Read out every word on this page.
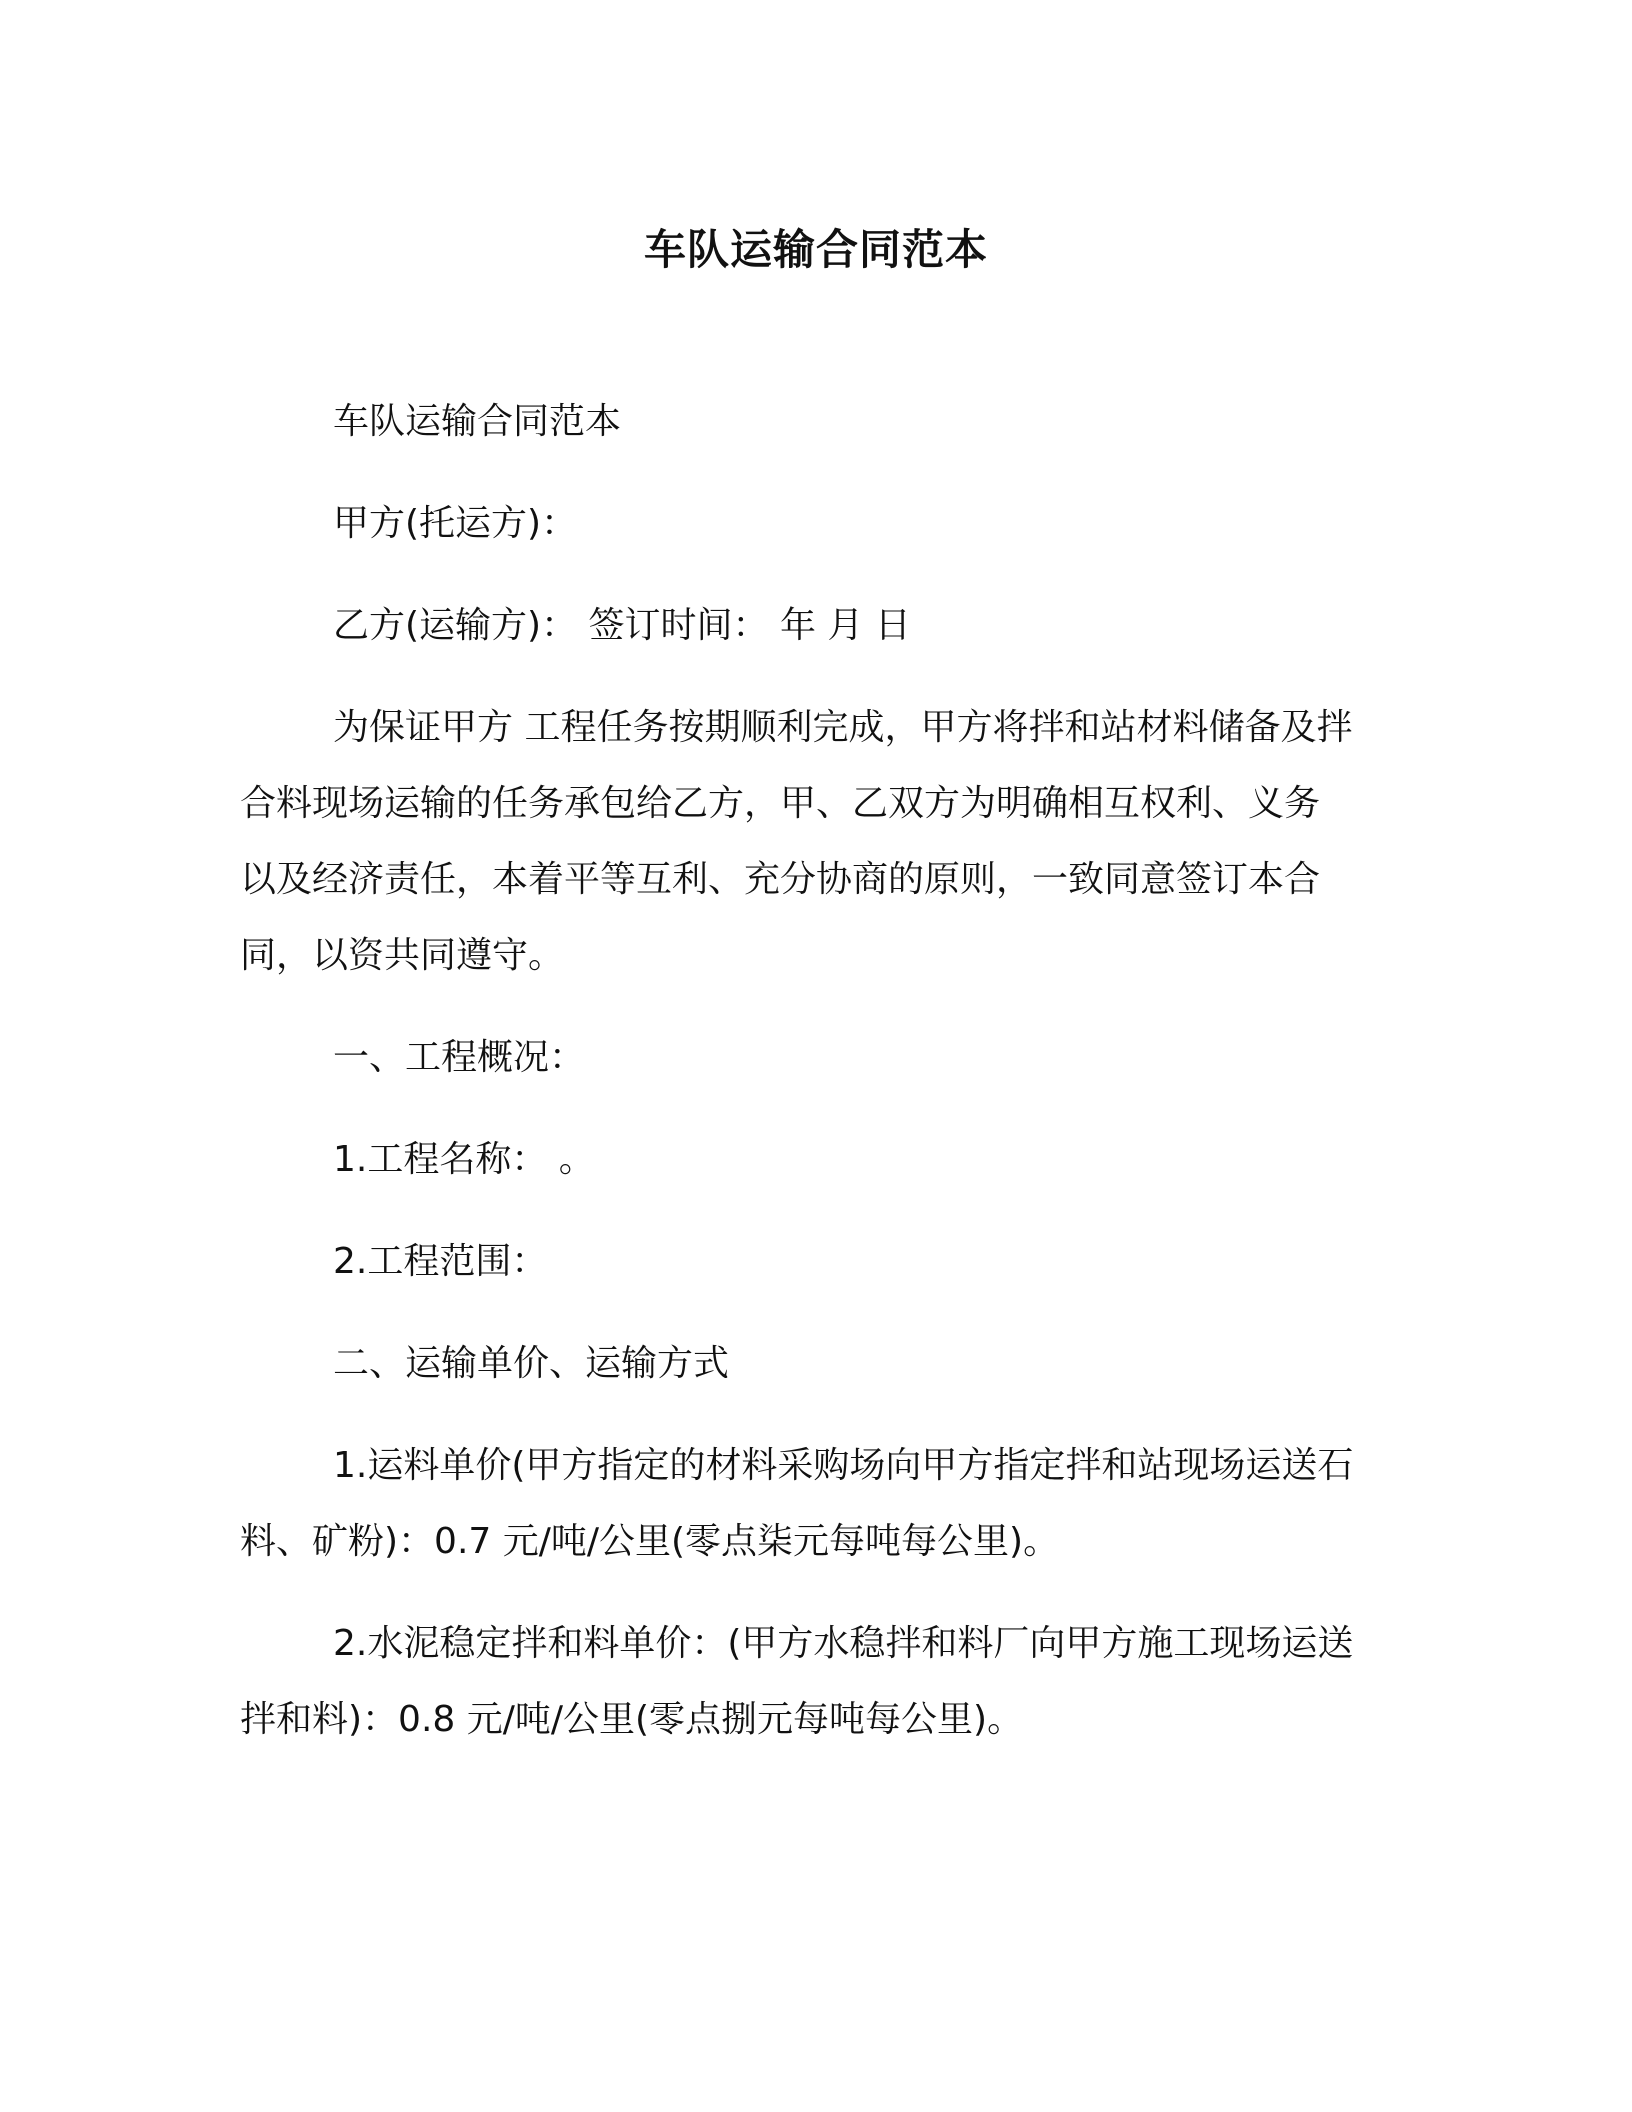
车队运输合同范本
车队运输合同范本
甲方(托运方)：
乙方(运输方)： 签订时间： 年 月 日
为保证甲方 工程任务按期顺利完成，甲方将拌和站材料储备及拌
合料现场运输的任务承包给乙方，甲、乙双方为明确相互权利、义务
以及经济责任，本着平等互利、充分协商的原则，一致同意签订本合
同，以资共同遵守。
一、工程概况：
1.工程名称： 。
2.工程范围：
二、运输单价、运输方式
1.运料单价(甲方指定的材料采购场向甲方指定拌和站现场运送石
料、矿粉)：0.7 元/吨/公里(零点柒元每吨每公里)。
2.水泥稳定拌和料单价：(甲方水稳拌和料厂向甲方施工现场运送
拌和料)：0.8 元/吨/公里(零点捌元每吨每公里)。
